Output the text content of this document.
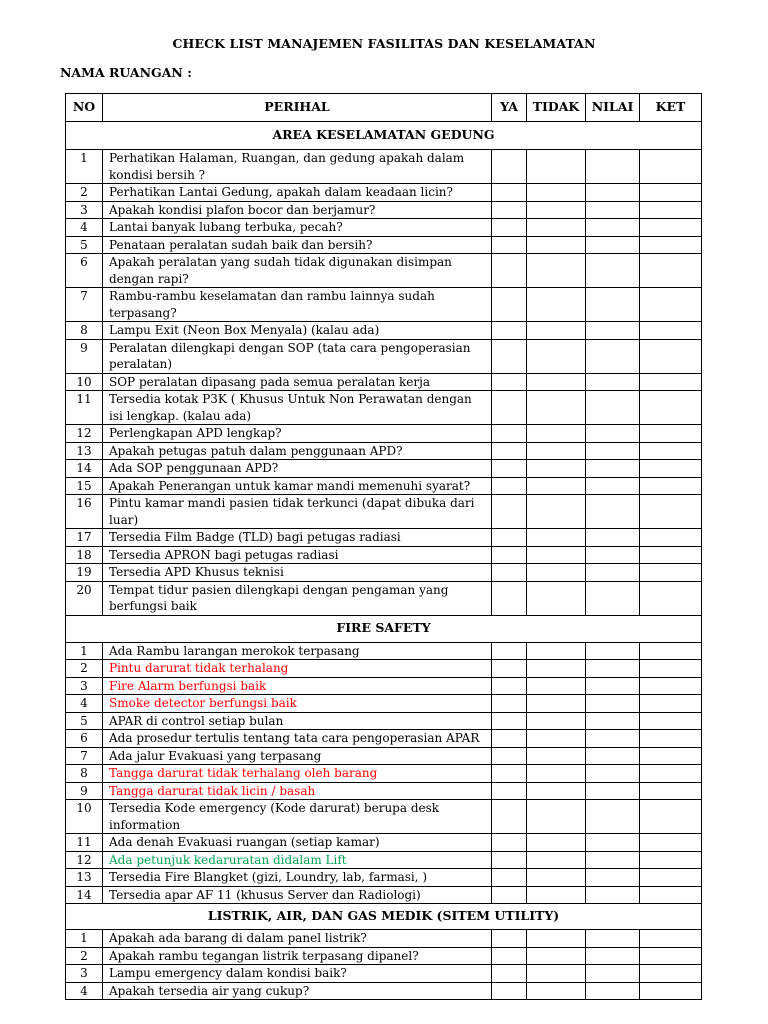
CHECK LIST MANAJEMEN FASILITAS DAN KESELAMATAN
NAMA RUANGAN :
NO	PERIHAL	YA	TIDAK	NILAI	KET
AREA KESELAMATAN GEDUNG					
1	Perhatikan Halaman, Ruangan, dan gedung apakah dalam kondisi bersih ?				
2	Perhatikan Lantai Gedung, apakah dalam keadaan licin?				
3	Apakah kondisi plafon bocor dan berjamur?				
4	Lantai banyak lubang terbuka, pecah?				
5	Penataan peralatan sudah baik dan bersih?				
6	Apakah peralatan yang sudah tidak digunakan disimpan dengan rapi?				
7	Rambu-rambu keselamatan dan rambu lainnya sudah terpasang?				
8	Lampu Exit (Neon Box Menyala) (kalau ada)				
9	Peralatan dilengkapi dengan SOP (tata cara pengoperasian peralatan)				
10	SOP peralatan dipasang pada semua peralatan kerja				
11	Tersedia kotak P3K ( Khusus Untuk Non Perawatan dengan isi lengkap. (kalau ada)				
12	Perlengkapan APD lengkap?				
13	Apakah petugas patuh dalam penggunaan APD?				
14	Ada SOP penggunaan APD?				
15	Apakah Penerangan untuk kamar mandi memenuhi syarat?				
16	Pintu kamar mandi pasien tidak terkunci (dapat dibuka dari luar)				
17	Tersedia Film Badge (TLD) bagi petugas radiasi				
18	Tersedia APRON bagi petugas radiasi				
19	Tersedia APD Khusus teknisi				
20	Tempat tidur pasien dilengkapi dengan pengaman yang berfungsi baik				
FIRE SAFETY					
1	Ada Rambu larangan merokok terpasang				
2	Pintu darurat tidak terhalang				
3	Fire Alarm berfungsi baik				
4	Smoke detector berfungsi baik				
5	APAR di control setiap bulan				
6	Ada prosedur tertulis tentang tata cara pengoperasian APAR				
7	Ada jalur Evakuasi yang terpasang				
8	Tangga darurat tidak terhalang oleh barang				
9	Tangga darurat tidak licin / basah				
10	Tersedia Kode emergency (Kode darurat) berupa desk information				
11	Ada denah Evakuasi ruangan (setiap kamar)				
12	Ada petunjuk kedaruratan didalam Lift				
13	Tersedia Fire Blangket (gizi, Loundry, lab, farmasi, )				
14	Tersedia apar AF 11 (khusus Server dan Radiologi)				
LISTRIK, AIR, DAN GAS MEDIK (SITEM UTILITY)					
1	Apakah ada barang di dalam panel listrik?				
2	Apakah rambu tegangan listrik terpasang dipanel?				
3	Lampu emergency dalam kondisi baik?				
4	Apakah tersedia air yang cukup?				
